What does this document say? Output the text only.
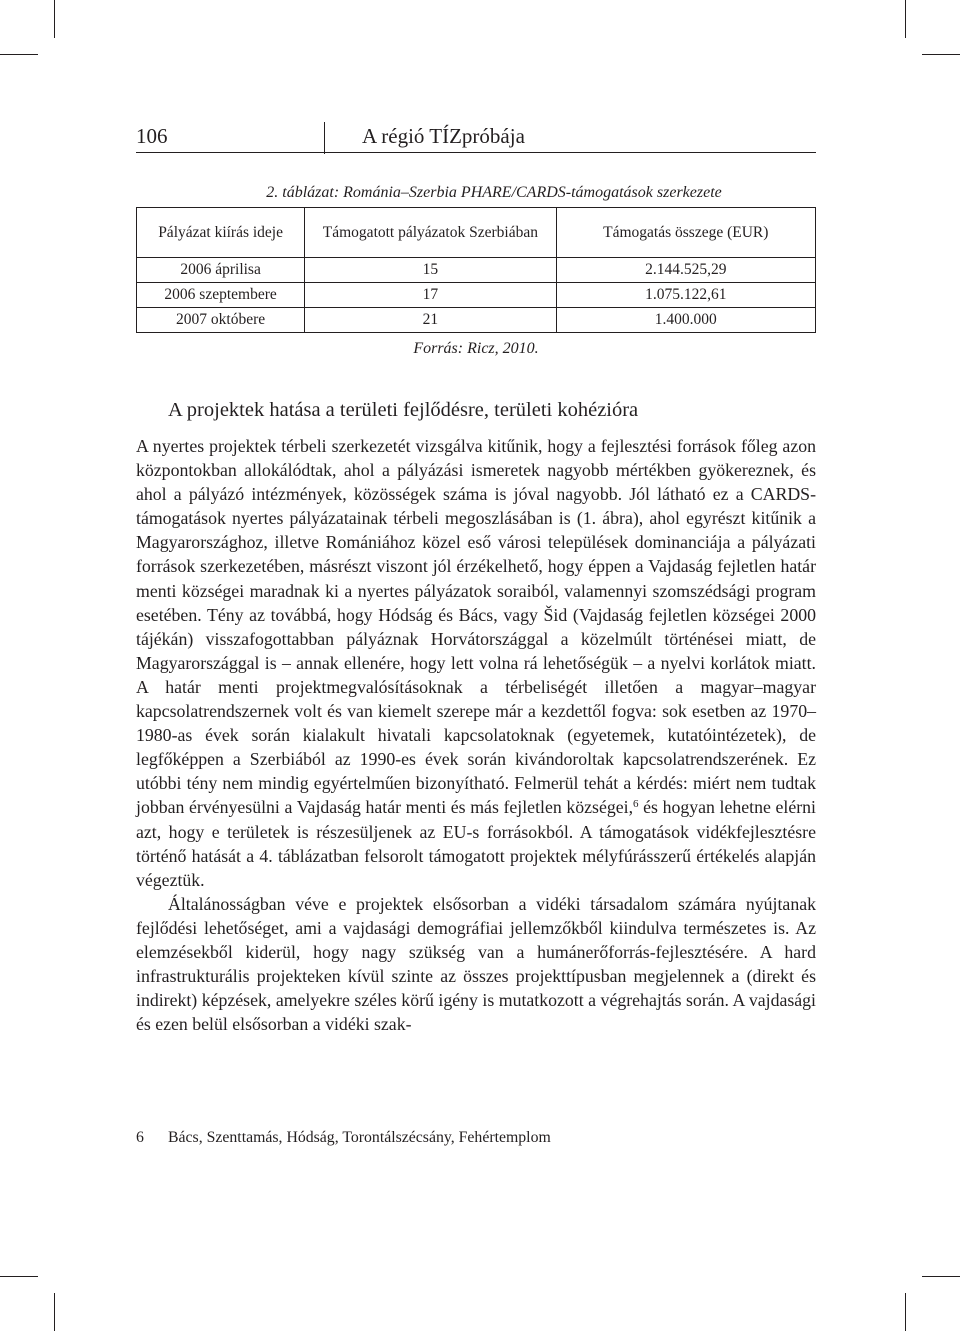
106	A régió TÍZpróbája
2. táblázat: Románia–Szerbia PHARE/CARDS-támogatások szerkezete
Pályázat kiírás ideje	Támogatott pályázatok Szerbiában	Támogatás összege (EUR)
2006 áprilisa	15	2.144.525,29
2006 szeptembere	17	1.075.122,61
2007 októbere	21	1.400.000
Forrás: Ricz, 2010.
A projektek hatása a területi fejlődésre, területi kohézióra

A nyertes projektek térbeli szerkezetét vizsgálva kitűnik, hogy a fejlesztési források főleg azon központokban allokálódtak, ahol a pályázási ismeretek nagyobb mértékben gyökereznek, és ahol a pályázó intézmények, közösségek száma is jóval nagyobb. Jól látható ez a CARDS-támogatások nyertes pályázatainak térbeli megoszlásában is (1. ábra), ahol egyrészt kitűnik a Magyarországhoz, illetve Romániához közel eső városi települések dominanciája a pályázati források szerkezetében, másrészt viszont jól érzékelhető, hogy éppen a Vajdaság fejletlen határ menti községei maradnak ki a nyertes pályázatok soraiból, valamennyi szomszédsági program esetében. Tény az továbbá, hogy Hódság és Bács, vagy Šid (Vajdaság fejletlen községei 2000 tájékán) visszafogottabban pályáznak Horvátországgal a közelmúlt történései miatt, de Magyarországgal is – annak ellenére, hogy lett volna rá lehetőségük – a nyelvi korlátok miatt. A határ menti projektmegvalósításoknak a térbeliségét illetően a magyar–magyar kapcsolatrendszernek volt és van kiemelt szerepe már a kezdettől fogva: sok esetben az 1970–1980-as évek során kialakult hivatali kapcsolatoknak (egyetemek, kutatóintézetek), de legfőképpen a Szerbiából az 1990-es évek során kivándoroltak kapcsolatrendszerének. Ez utóbbi tény nem mindig egyértelműen bizonyítható. Felmerül tehát a kérdés: miért nem tudtak jobban érvényesülni a Vajdaság határ menti és más fejletlen községei,$^6$ és hogyan lehetne elérni azt, hogy e területek is részesüljenek az EU-s forrásokból. A támogatások vidékfejlesztésre történő hatását a 4. táblázatban felsorolt támogatott projektek mélyfúrásszerű értékelés alapján végeztük.

Általánosságban véve e projektek elsősorban a vidéki társadalom számára nyújtanak fejlődési lehetőséget, ami a vajdasági demográfiai jellemzőkből kiindulva természetes is. Az elemzésekből kiderül, hogy nagy szükség van a humánerőforrás-fejlesztésére. A hard infrastrukturális projekteken kívül szinte az összes projekttípusban megjelennek a (direkt és indirekt) képzések, amelyekre széles körű igény is mutatkozott a végrehajtás során. A vajdasági és ezen belül elsősorban a vidéki szak-

6 Bács, Szenttamás, Hódság, Torontálszécsány, Fehértemplom
